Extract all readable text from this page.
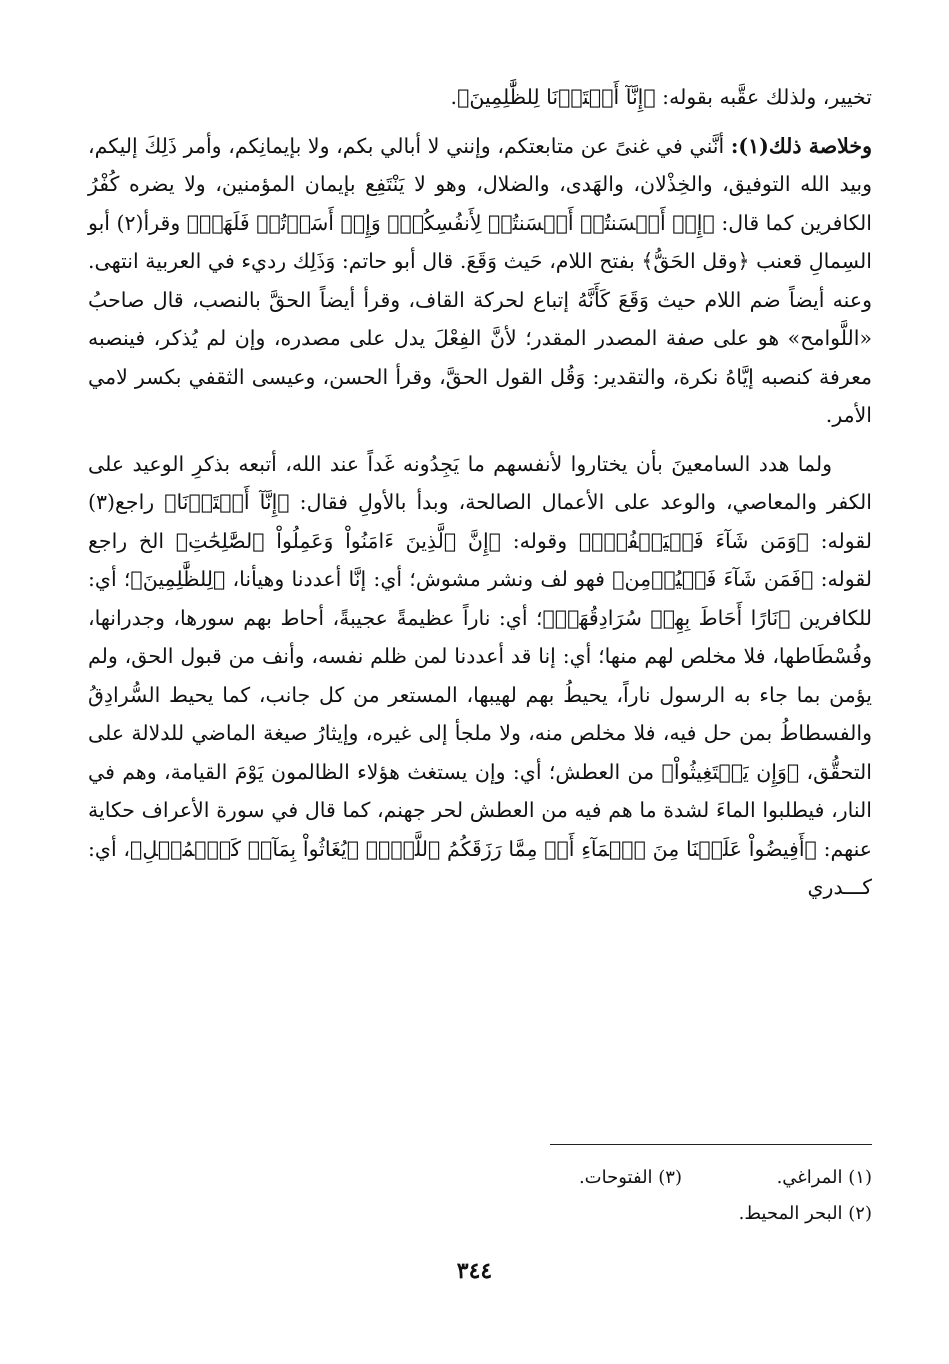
تخيير، ولذلك عقَّبه بقوله: ﴿إِنَّآ أَعۡتَدۡنَا لِلظَّٰلِمِينَ﴾.

وخلاصة ذلك(١): أنَّني في غنىً عن متابعتكم، وإنني لا أبالي بكم، ولا بإيمانِكم، وأمر ذَلِكَ إليكم، وبيد الله التوفيق، والخِذْلان، والهَدى، والضلال، وهو لا يَنْتَفِع بإيمان المؤمنين، ولا يضره كُفْرُ الكافرين كما قال: ﴿إِنۡ أَحۡسَنتُمۡ أَحۡسَنتُمۡ لِأَنفُسِكُمۡۖ وَإِنۡ أَسَأۡتُمۡ فَلَهَاۚ﴾ وقرأ(٢) أبو السِمالِ قعنب ﴿وقل الحَقُّ﴾ بفتح اللام، حَيث وَقَعَ. قال أبو حاتم: وَذَلِك رديء في العربية انتهى. وعنه أيضاً ضم اللام حيث وَقَعَ كَأَنَّهُ إتباع لحركة القاف، وقرأ أيضاً الحقَّ بالنصب، قال صاحبُ «اللَّوامح» هو على صفة المصدر المقدر؛ لأنَّ الفِعْلَ يدل على مصدره، وإن لم يُذكر، فينصبه معرفة كنصبه إيَّاهُ نكرة، والتقدير: وَقُل القول الحقَّ، وقرأ الحسن، وعيسى الثقفي بكسر لامي الأمر.

ولما هدد السامعينَ بأن يختاروا لأنفسهم ما يَجِدُونه غَداً عند الله، أتبعه بذكرِ الوعيد على الكفر والمعاصي، والوعد على الأعمال الصالحة، وبدأ بالأولِ فقال: ﴿إِنَّآ أَعۡتَدۡنَا﴾ راجع(٣) لقوله: ﴿وَمَن شَآءَ فَلۡيَكۡفُرۡۚ﴾ وقوله: ﴿إِنَّ ٱلَّذِينَ ءَامَنُواْ وَعَمِلُواْ ٱلصَّٰلِحَٰتِ﴾ الخ راجع لقوله: ﴿فَمَن شَآءَ فَلۡيُؤۡمِن﴾ فهو لف ونشر مشوش؛ أي: إنَّا أعددنا وهيأنا، ﴿لِلظَّٰلِمِينَ﴾؛ أي: للكافرين ﴿نَارًا أَحَاطَ بِهِمۡ سُرَادِقُهَاۚ﴾؛ أي: ناراً عظيمةً عجيبةً، أحاط بهم سورها، وجدرانها، وفُسْطَاطها، فلا مخلص لهم منها؛ أي: إنا قد أعددنا لمن ظلم نفسه، وأنف من قبول الحق، ولم يؤمن بما جاء به الرسول ناراً، يحيطُ بهم لهيبها، المستعر من كل جانب، كما يحيط السُّرادِقُ والفسطاطُ بمن حل فيه، فلا مخلص منه، ولا ملجأ إلى غيره، وإيثارُ صيغة الماضي للدلالة على التحقُّق، ﴿وَإِن يَسۡتَغِيثُواْ﴾ من العطش؛ أي: وإن يستغث هؤلاء الظالمون يَوْمَ القيامة، وهم في النار، فيطلبوا الماءَ لشدة ما هم فيه من العطش لحر جهنم، كما قال في سورة الأعراف حكاية عنهم: ﴿أَفِيضُواْ عَلَيۡنَا مِنَ ٱلۡمَآءِ أَوۡ مِمَّا رَزَقَكُمُ ٱللَّهُۚ﴾ ﴿يُغَاثُواْ بِمَآءٖ كَٱلۡمُهۡلِ﴾، أي: كـــدري

(١) المراغي.
(٣) الفتوحات.
(٢) البحر المحيط.
٣٤٤
